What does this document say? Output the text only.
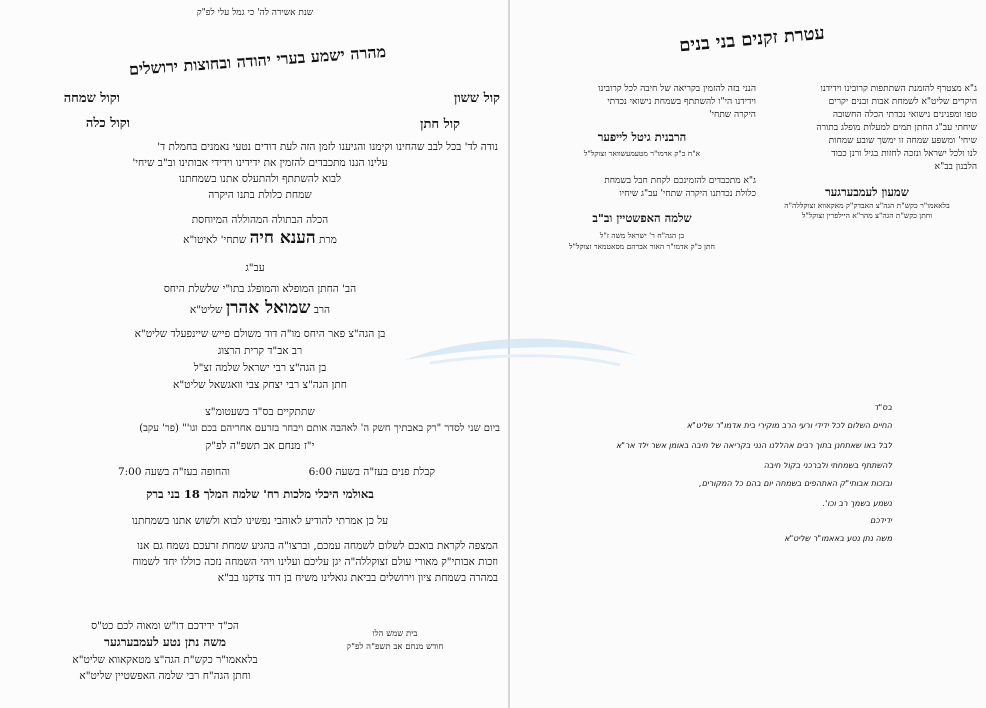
שנת אשירה לה' כי גמל עלי לפ"ק
מהרה ישמע בערי יהודה ובחוצות ירושלים
קול ששון
וקול שמחה
קול חתן
וקול כלה
נודה לד' בכל לבב שהחינו וקימנו והגיענו לזמן הזה לעת דודים נטעי נאמנים בחמלת ד'
עלינו הננו מתכבדים להזמין את ידידינו וידידי אבותינו וב"ב שיחי'
לבוא להשתתף ולהתעלס אתנו בשמחתנו
שמחת כלולת בתנו היקרה
הכלה הבתולה המהוללה המיוחסת
מרת הענא חיה שתחי' לאיטו"א
עב"ג
הב' החתן המופלא והמופלג בתו"י שלשלת היחס
הרב שמואל אהרן שליט"א
בן הגה"צ פאר היחס מו"ה דוד משולם פייש שיינפעלד שליט"א
רב אב"ד קרית הרצוג
בן הגה"צ רבי ישראל שלמה זצ"ל
חתן הגה"צ רבי יצחק צבי וואגשאל שליט"א
שתתקיים בס"ד בשעטומ"צ
ביום שני לסדר "רק באבתיך חשק ה' לאהבה אותם ויבחר בזרעם אחריהם בכם וגו'" (פר' עקב)
י"ז מנחם אב תשפ"ה לפ"ק
קבלת פנים בעז"ה בשעה 6:00
והחופה בעז"ה בשעה 7:00
באולמי היכלי מלכות רח' שלמה המלך 18 בני ברק
על כן אמרתי להודיע לאוהבי נפשינו לבוא ולשוש אתנו בשמחתנו
המצפה לקראת בואכם לשלום לשמחה עמכם, וברצו"ה בהגיע שמחת זרעכם נשמח גם אנו
וזכות אבותי"ק מאורי עולם זצוקללה"ה יגן עליכם ועלינו ויהי השמחה נזכה כוללו יחד לשמוח
במהרה בשמחת ציון וירושלים בביאת גואלינו משיח בן דוד צדקנו בב"א
הכ"ד ידידכם דו"ש ומאוה לכם כט"ס
משה נתן נטע לעמבערגער
בלאאמו"ר כקש"ת הגה"צ מטאקאווא שליט"א
וחתן הגה"ח רבי שלמה האפשטיין שליט"א
בית שמש הלו
חודש מנחם אב תשפ"ה לפ"ק
עטרת זקנים בני בנים
ג"א מצטרף להזמנת השתתפות קרובינו וידידנו
היקרים שליט"א לשמחת אבות ובנים יקרים
טפו ומפנינים נישואי נכדתי הכלה החשובה
שיחתי עב"ג החתן תמים למעלות מופלג בתורה
שיחי' ומשפע שמחה זו ימשך שובע שמחות
לנו ולכל ישראל ונזכה לחזות בגיל ורנן כבוד
הלבנון בב"א
שמעון לעמבערגער
בלאאמו"ר כקש"ת הגה"צ האבדק"ק מאקאווא זצוקללה"ה
וחתן כקש"ת הגה"צ מהר"א היילפרין זצוקל"ל
הנני בזה להזמין בקריאה של חיבה לכל קרובינו
וידידנו הי"ו להשתתף בשמחת נישואי נכדתי
היקרה שתחי'
הרבנית גיטל לייפער
א"ח כ"ק אדמו"ר מטעמעשוואר זצוקל"ל
ג"א מתכבדים להזמינכם לקחת חבל בשמחת
כלולת נכדתנו היקרה שתחי' עב"ג שיחיו
שלמה האפשטיין וב"ב
בן הגה"ח ר' ישראל משה ז"ל
חתן כ"ק אדמו"ר האור אברהם מסאטמאר זצוקל"ל
בס"ד
החיים השלום לכל ידידי ורעי הרב מוקירי בית אדמו"ר שליט"א
לבל באו שאתחנן בתוך רבים אהללנו הנני בקריאה של חיבה באומן אשר ילד אר"א
להשתתף בשמחתי ולברכני בקול חיבה
ובזכות אבותי"ק האתהפים בשמחה יום בהם כל המקורים,
נשמע בשמך רב וכו'.
ידידכם
משה נתן נטע באאמו"ר שליט"א
